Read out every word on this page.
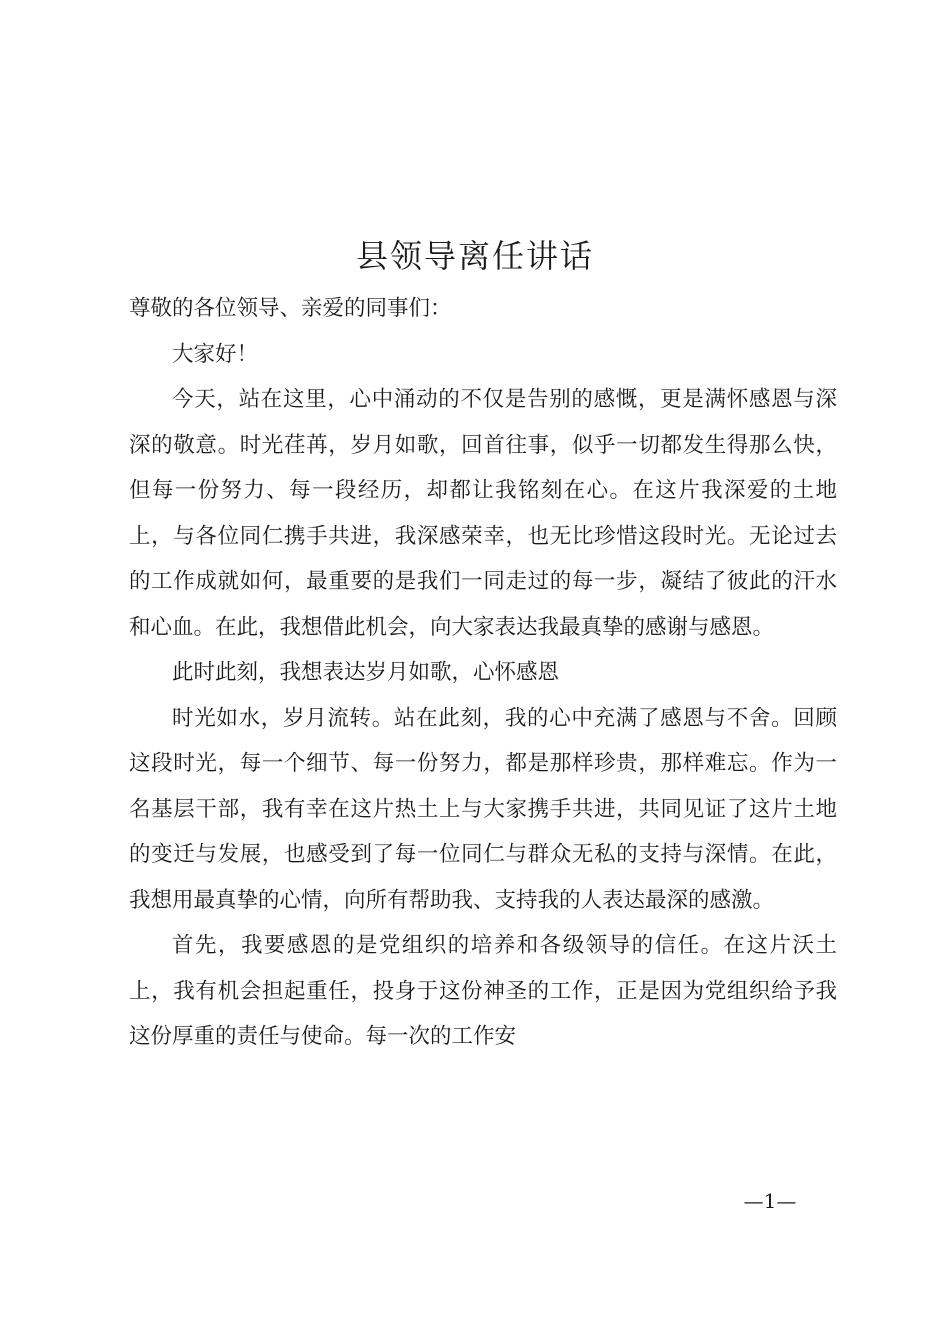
县领导离任讲话

尊敬的各位领导、亲爱的同事们：

大家好！

今天，站在这里，心中涌动的不仅是告别的感慨，更是满怀感恩与深深的敬意。时光荏苒，岁月如歌，回首往事，似乎一切都发生得那么快，但每一份努力、每一段经历，却都让我铭刻在心。在这片我深爱的土地上，与各位同仁携手共进，我深感荣幸，也无比珍惜这段时光。无论过去的工作成就如何，最重要的是我们一同走过的每一步，凝结了彼此的汗水和心血。在此，我想借此机会，向大家表达我最真挚的感谢与感恩。

此时此刻，我想表达岁月如歌，心怀感恩

时光如水，岁月流转。站在此刻，我的心中充满了感恩与不舍。回顾这段时光，每一个细节、每一份努力，都是那样珍贵，那样难忘。作为一名基层干部，我有幸在这片热土上与大家携手共进，共同见证了这片土地的变迁与发展，也感受到了每一位同仁与群众无私的支持与深情。在此，我想用最真挚的心情，向所有帮助我、支持我的人表达最深的感激。

首先，我要感恩的是党组织的培养和各级领导的信任。在这片沃土上，我有机会担起重任，投身于这份神圣的工作，正是因为党组织给予我这份厚重的责任与使命。每一次的工作安

—1—
